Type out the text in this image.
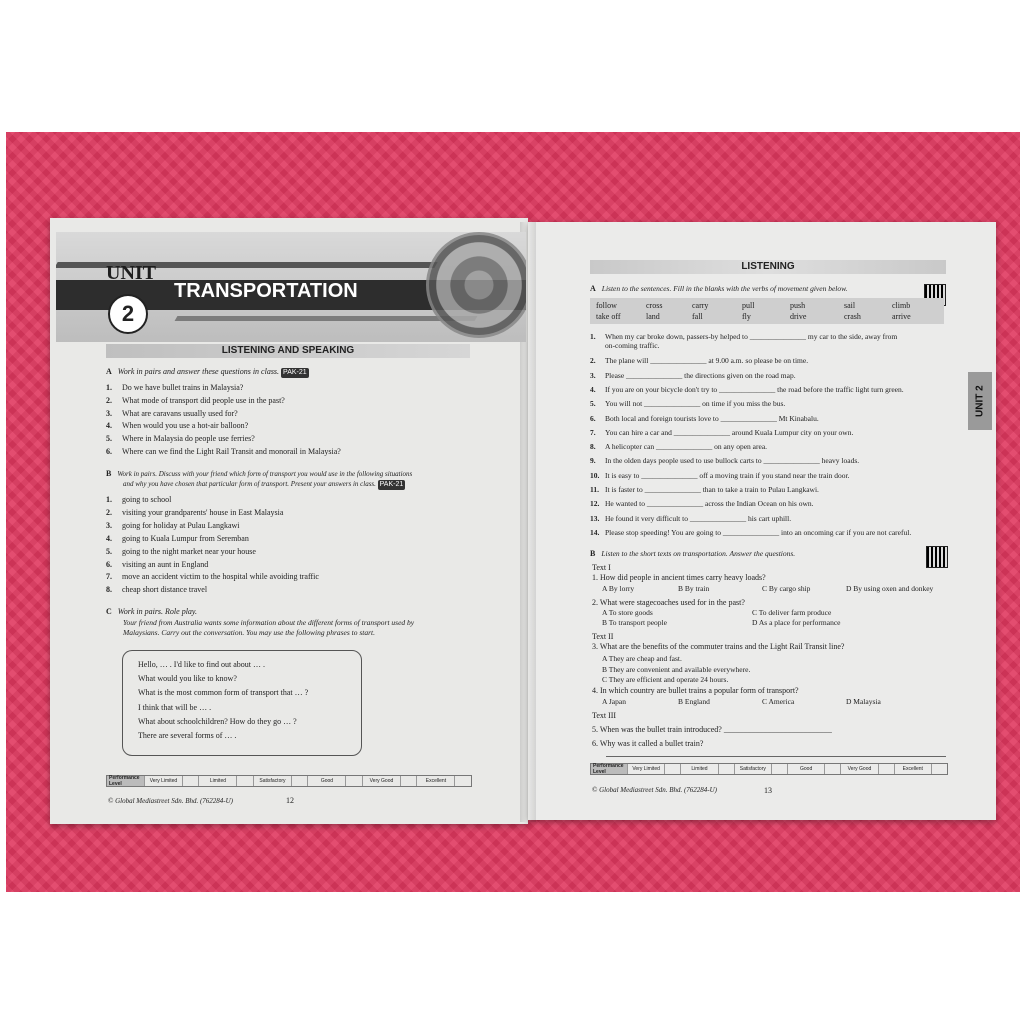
UNIT
2
TRANSPORTATION
LISTENING AND SPEAKING
A Work in pairs and answer these questions in class. PAK-21
B Work in pairs. Discuss with your friend which form of transport you would use in the following situations
and why you have chosen that particular form of transport. Present your answers in class. PAK-21
C Work in pairs. Role play.
Your friend from Australia wants some information about the different forms of transport used by
Malaysians. Carry out the conversation. You may use the following phrases to start.
Performance Level	Very Limited	Limited	Satisfactory	Good	Very Good	Excellent
© Global Mediastreet Sdn. Bhd. (762284-U)	12
LISTENING
UNIT 2
A Listen to the sentences. Fill in the blanks with the verbs of movement given below.
B Listen to the short texts on transportation. Answer the questions.
Text I
1. How did people in ancient times carry heavy loads?
2. What were stagecoaches used for in the past?
Text II
3. What are the benefits of the commuter trains and the Light Rail Transit line?
4. In which country are bullet trains a popular form of transport?
Text III
5. When was the bullet train introduced? ___________________________
6. Why was it called a bullet train?
Performance Level	Very Limited	Limited	Satisfactory	Good	Very Good	Excellent
© Global Mediastreet Sdn. Bhd. (762284-U)	13
1. Do we have bullet trains in Malaysia?
2. What mode of transport did people use in the past?
3. What are caravans usually used for?
4. When would you use a hot-air balloon?
5. Where in Malaysia do people use ferries?
6. Where can we find the Light Rail Transit and monorail in Malaysia?
1. going to school
2. visiting your grandparents' house in East Malaysia
3. going for holiday at Pulau Langkawi
4. going to Kuala Lumpur from Seremban
5. going to the night market near your house
6. visiting an aunt in England
7. move an accident victim to the hospital while avoiding traffic
8. cheap short distance travel
Hello, … . I'd like to find out about … .
What would you like to know?
What is the most common form of transport that … ?
I think that will be … .
What about schoolchildren? How do they go … ?
There are several forms of … .
1. When my car broke down, passers-by helped to _______________ my car to the side, away from
on-coming traffic.
2. The plane will _______________ at 9.00 a.m. so please be on time.
3. Please _______________ the directions given on the road map.
4. If you are on your bicycle don't try to _______________ the road before the traffic light turn green.
5. You will not _______________ on time if you miss the bus.
6. Both local and foreign tourists love to _______________ Mt Kinabalu.
7. You can hire a car and _______________ around Kuala Lumpur city on your own.
8. A helicopter can _______________ on any open area.
9. In the olden days people used to use bullock carts to _______________ heavy loads.
10. It is easy to _______________ off a moving train if you stand near the train door.
11. It is faster to _______________ than to take a train to Pulau Langkawi.
12. He wanted to _______________ across the Indian Ocean on his own.
13. He found it very difficult to _______________ his cart uphill.
14. Please stop speeding! You are going to _______________ into an oncoming car if you are not careful.
follow	cross	carry	pull	push	sail	climb
take off	land	fall	fly	drive	crash	arrive
A By lorry	B By train	C By cargo ship	D By using oxen and donkey
A To store goods	C To deliver farm produce
B To transport people	D As a place for performance
A They are cheap and fast.
B They are convenient and available everywhere.
C They are efficient and operate 24 hours.
A Japan	B England	C America	D Malaysia
